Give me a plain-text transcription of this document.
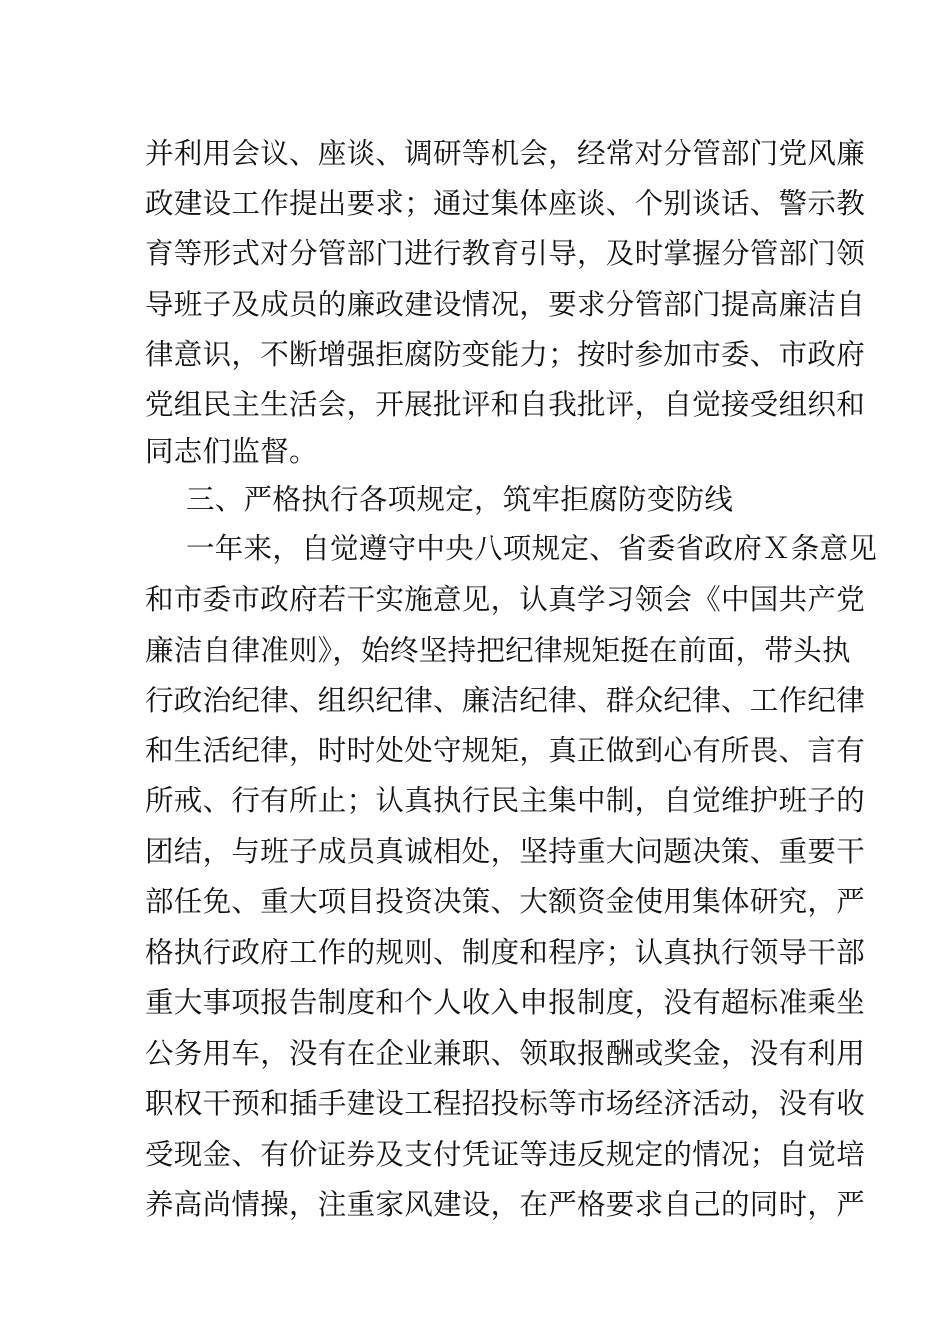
并利用会议、座谈、调研等机会，经常对分管部门党风廉
政建设工作提出要求；通过集体座谈、个别谈话、警示教
育等形式对分管部门进行教育引导，及时掌握分管部门领
导班子及成员的廉政建设情况，要求分管部门提高廉洁自
律意识，不断增强拒腐防变能力；按时参加市委、市政府
党组民主生活会，开展批评和自我批评，自觉接受组织和
同志们监督。
三、严格执行各项规定，筑牢拒腐防变防线
一年来，自觉遵守中央八项规定、省委省政府Ｘ条意见
和市委市政府若干实施意见，认真学习领会《中国共产党
廉洁自律准则》，始终坚持把纪律规矩挺在前面，带头执
行政治纪律、组织纪律、廉洁纪律、群众纪律、工作纪律
和生活纪律，时时处处守规矩，真正做到心有所畏、言有
所戒、行有所止；认真执行民主集中制，自觉维护班子的
团结，与班子成员真诚相处，坚持重大问题决策、重要干
部任免、重大项目投资决策、大额资金使用集体研究，严
格执行政府工作的规则、制度和程序；认真执行领导干部
重大事项报告制度和个人收入申报制度，没有超标准乘坐
公务用车，没有在企业兼职、领取报酬或奖金，没有利用
职权干预和插手建设工程招投标等市场经济活动，没有收
受现金、有价证券及支付凭证等违反规定的情况；自觉培
养高尚情操，注重家风建设，在严格要求自己的同时，严
